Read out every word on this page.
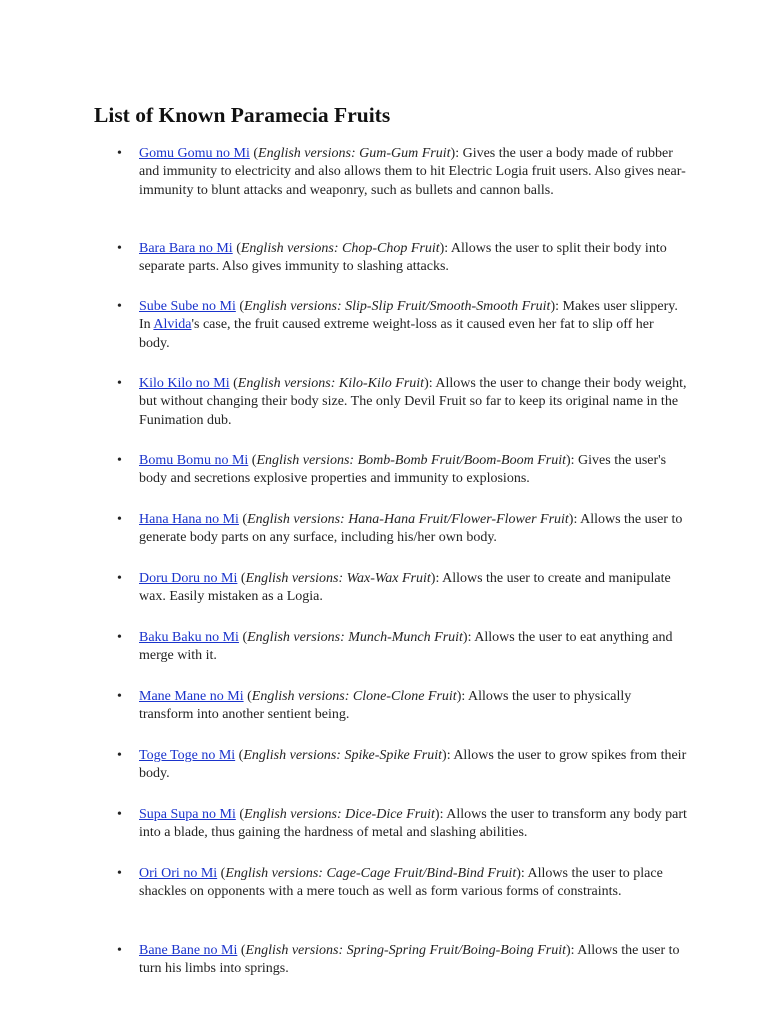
List of Known Paramecia Fruits
•	Gomu Gomu no Mi (English versions: Gum-Gum Fruit): Gives the user a body made of rubber and immunity to electricity and also allows them to hit Electric Logia fruit users. Also gives near-immunity to blunt attacks and weaponry, such as bullets and cannon balls.
•	Bara Bara no Mi (English versions: Chop-Chop Fruit): Allows the user to split their body into separate parts. Also gives immunity to slashing attacks.
•	Sube Sube no Mi (English versions: Slip-Slip Fruit/Smooth-Smooth Fruit): Makes user slippery. In Alvida's case, the fruit caused extreme weight-loss as it caused even her fat to slip off her body.
•	Kilo Kilo no Mi (English versions: Kilo-Kilo Fruit): Allows the user to change their body weight, but without changing their body size. The only Devil Fruit so far to keep its original name in the Funimation dub.
•	Bomu Bomu no Mi (English versions: Bomb-Bomb Fruit/Boom-Boom Fruit): Gives the user's body and secretions explosive properties and immunity to explosions.
•	Hana Hana no Mi (English versions: Hana-Hana Fruit/Flower-Flower Fruit): Allows the user to generate body parts on any surface, including his/her own body.
•	Doru Doru no Mi (English versions: Wax-Wax Fruit): Allows the user to create and manipulate wax. Easily mistaken as a Logia.
•	Baku Baku no Mi (English versions: Munch-Munch Fruit): Allows the user to eat anything and merge with it.
•	Mane Mane no Mi (English versions: Clone-Clone Fruit): Allows the user to physically transform into another sentient being.
•	Toge Toge no Mi (English versions: Spike-Spike Fruit): Allows the user to grow spikes from their body.
•	Supa Supa no Mi (English versions: Dice-Dice Fruit): Allows the user to transform any body part into a blade, thus gaining the hardness of metal and slashing abilities.
•	Ori Ori no Mi (English versions: Cage-Cage Fruit/Bind-Bind Fruit): Allows the user to place shackles on opponents with a mere touch as well as form various forms of constraints.
•	Bane Bane no Mi (English versions: Spring-Spring Fruit/Boing-Boing Fruit): Allows the user to turn his limbs into springs.
